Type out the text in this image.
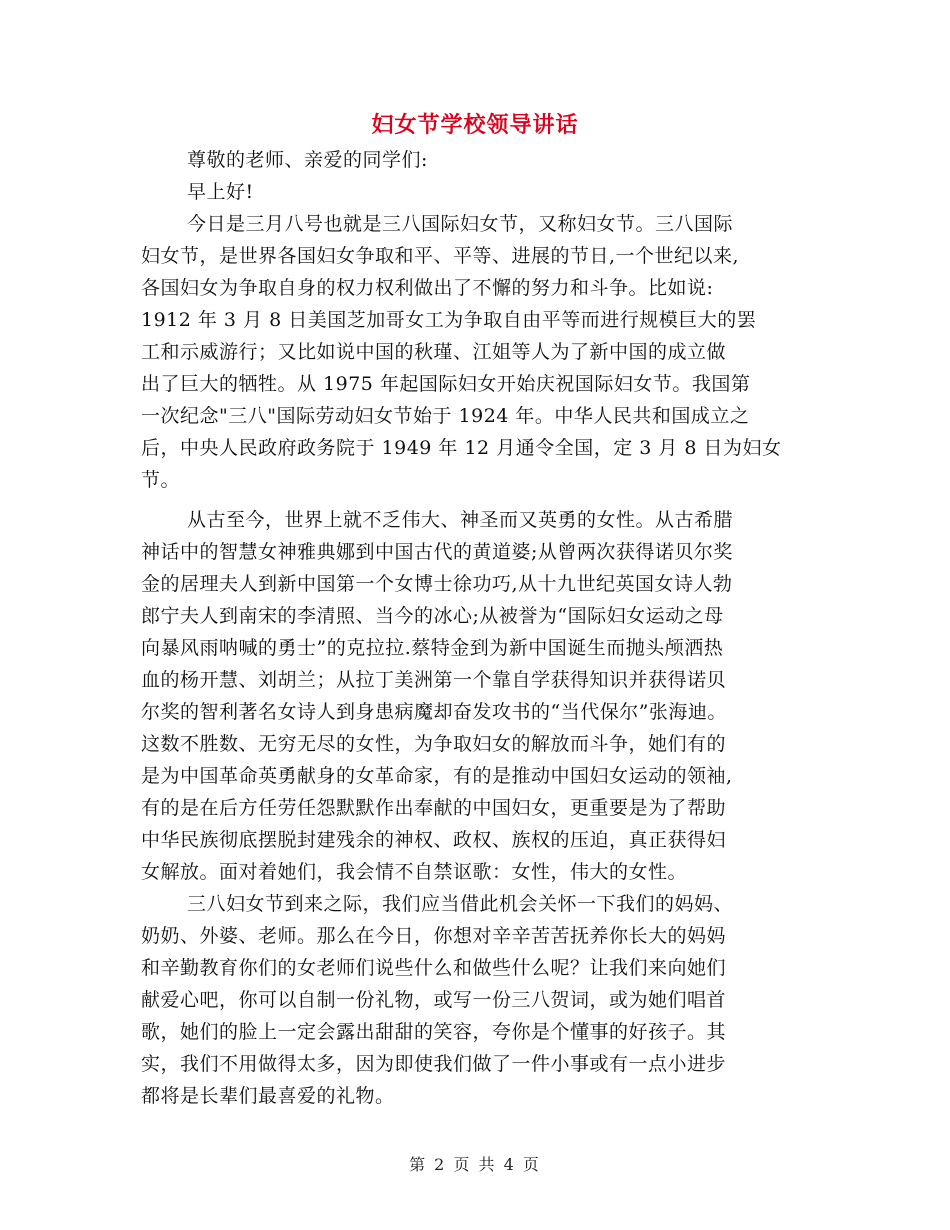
妇女节学校领导讲话
尊敬的老师、亲爱的同学们:
早上好!
今日是三月八号也就是三八国际妇女节，又称妇女节。三八国际
妇女节，是世界各国妇女争取和平、平等、进展的节日,一个世纪以来,
各国妇女为争取自身的权力权利做出了不懈的努力和斗争。比如说:
1912 年 3 月 8 日美国芝加哥女工为争取自由平等而进行规模巨大的罢
工和示威游行；又比如说中国的秋瑾、江姐等人为了新中国的成立做
出了巨大的牺牲。从 1975 年起国际妇女开始庆祝国际妇女节。我国第
一次纪念"三八"国际劳动妇女节始于 1924 年。中华人民共和国成立之
后，中央人民政府政务院于 1949 年 12 月通令全国，定 3 月 8 日为妇女
节。
从古至今，世界上就不乏伟大、神圣而又英勇的女性。从古希腊
神话中的智慧女神雅典娜到中国古代的黄道婆;从曾两次获得诺贝尔奖
金的居理夫人到新中国第一个女博士徐功巧,从十九世纪英国女诗人勃
郎宁夫人到南宋的李清照、当今的冰心;从被誉为“国际妇女运动之母
向暴风雨呐喊的勇士”的克拉拉.蔡特金到为新中国诞生而抛头颅洒热
血的杨开慧、刘胡兰；从拉丁美洲第一个靠自学获得知识并获得诺贝
尔奖的智利著名女诗人到身患病魔却奋发攻书的“当代保尔”张海迪。
这数不胜数、无穷无尽的女性，为争取妇女的解放而斗争，她们有的
是为中国革命英勇献身的女革命家，有的是推动中国妇女运动的领袖,
有的是在后方任劳任怨默默作出奉献的中国妇女，更重要是为了帮助
中华民族彻底摆脱封建残余的神权、政权、族权的压迫，真正获得妇
女解放。面对着她们，我会情不自禁讴歌：女性，伟大的女性。
三八妇女节到来之际，我们应当借此机会关怀一下我们的妈妈、
奶奶、外婆、老师。那么在今日，你想对辛辛苦苦抚养你长大的妈妈
和辛勤教育你们的女老师们说些什么和做些什么呢？让我们来向她们
献爱心吧，你可以自制一份礼物，或写一份三八贺词，或为她们唱首
歌，她们的脸上一定会露出甜甜的笑容，夸你是个懂事的好孩子。其
实，我们不用做得太多，因为即使我们做了一件小事或有一点小进步
都将是长辈们最喜爱的礼物。
第 2 页 共 4 页
